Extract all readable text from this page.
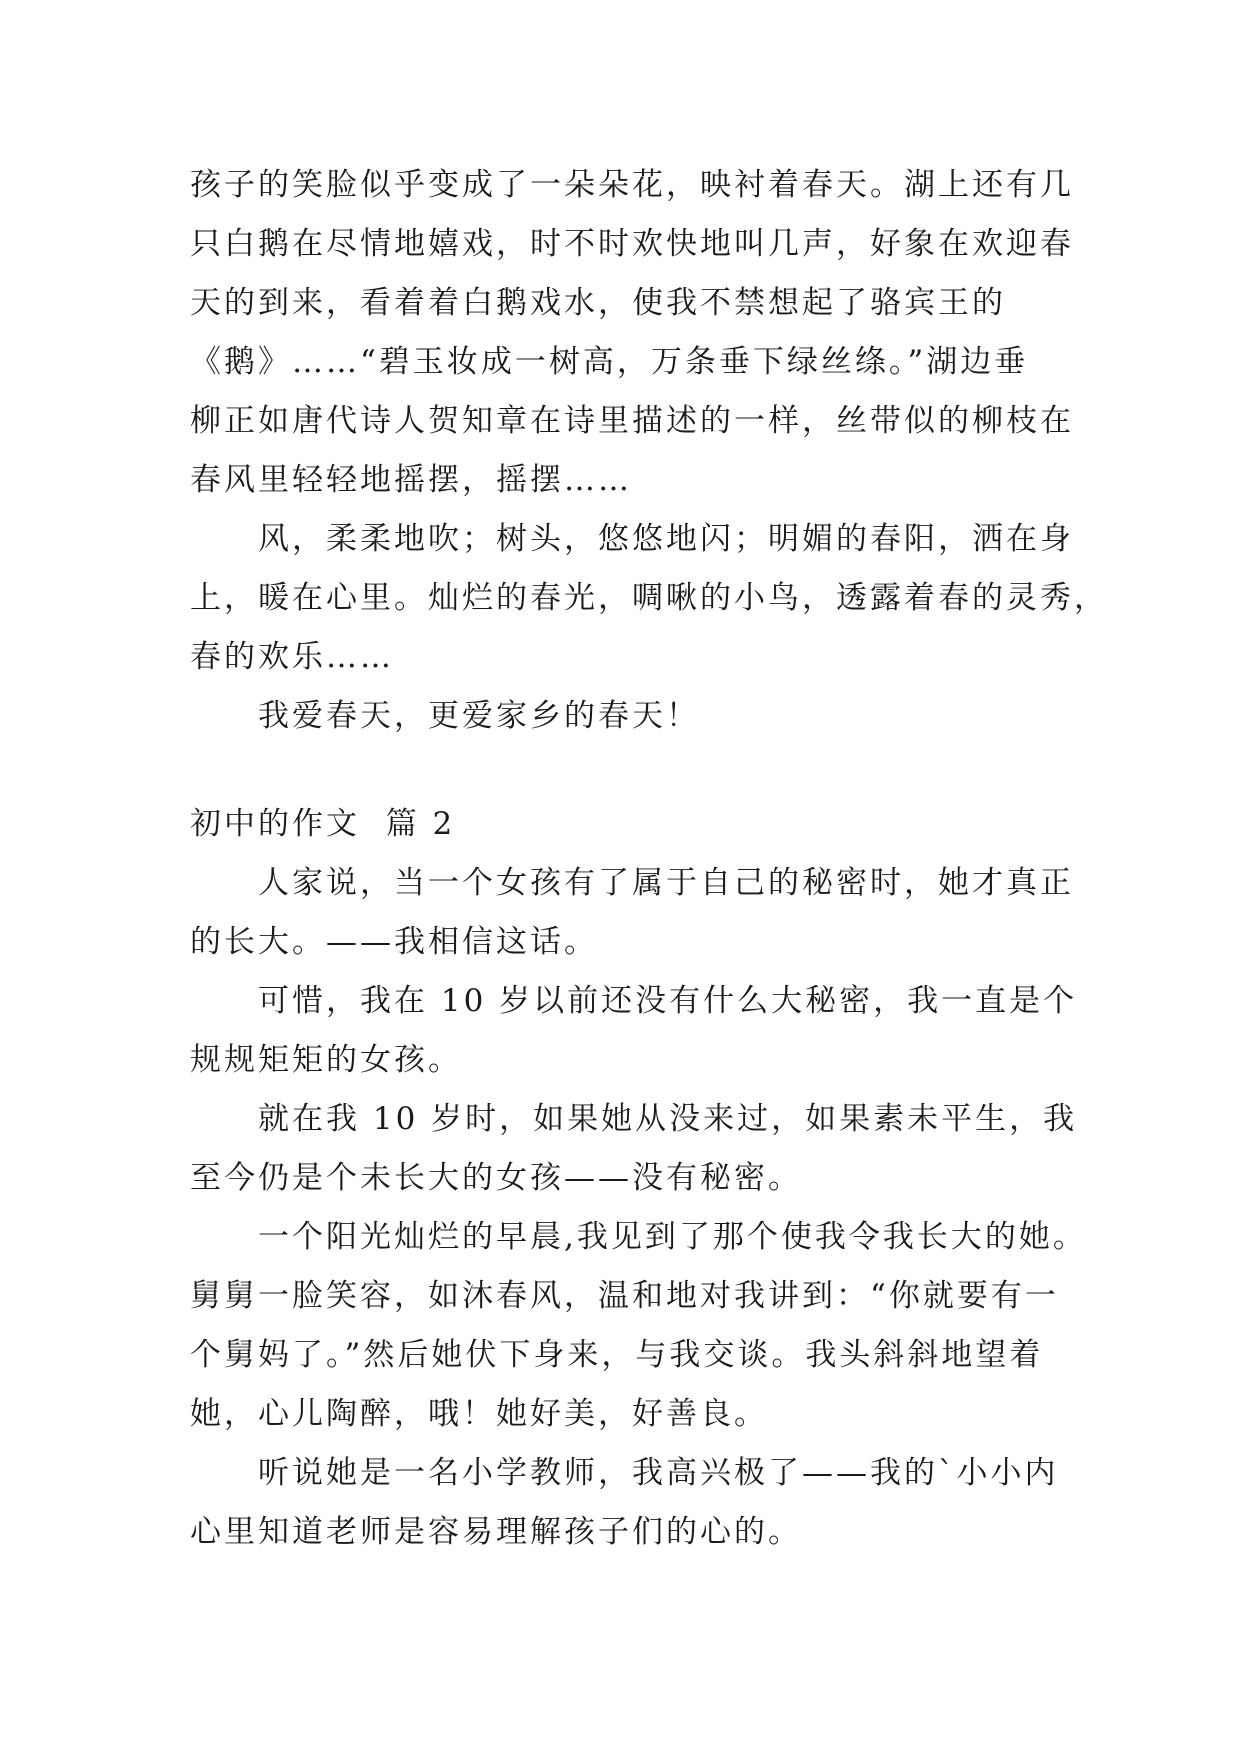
孩子的笑脸似乎变成了一朵朵花，映衬着春天。湖上还有几
只白鹅在尽情地嬉戏，时不时欢快地叫几声，好象在欢迎春
天的到来，看着着白鹅戏水，使我不禁想起了骆宾王的
《鹅》……“碧玉妆成一树高，万条垂下绿丝绦。”湖边垂
柳正如唐代诗人贺知章在诗里描述的一样，丝带似的柳枝在
春风里轻轻地摇摆，摇摆……
风，柔柔地吹；树头，悠悠地闪；明媚的春阳，洒在身
上，暖在心里。灿烂的春光，啁啾的小鸟，透露着春的灵秀，
春的欢乐……
我爱春天，更爱家乡的春天！
初中的作文  篇 2
人家说，当一个女孩有了属于自己的秘密时，她才真正
的长大。——我相信这话。
可惜，我在 10 岁以前还没有什么大秘密，我一直是个
规规矩矩的女孩。
就在我 10 岁时，如果她从没来过，如果素未平生，我
至今仍是个未长大的女孩——没有秘密。
一个阳光灿烂的早晨,我见到了那个使我令我长大的她。
舅舅一脸笑容，如沐春风，温和地对我讲到：“你就要有一
个舅妈了。”然后她伏下身来，与我交谈。我头斜斜地望着
她，心儿陶醉，哦！她好美，好善良。
听说她是一名小学教师，我高兴极了——我的`小小内
心里知道老师是容易理解孩子们的心的。
